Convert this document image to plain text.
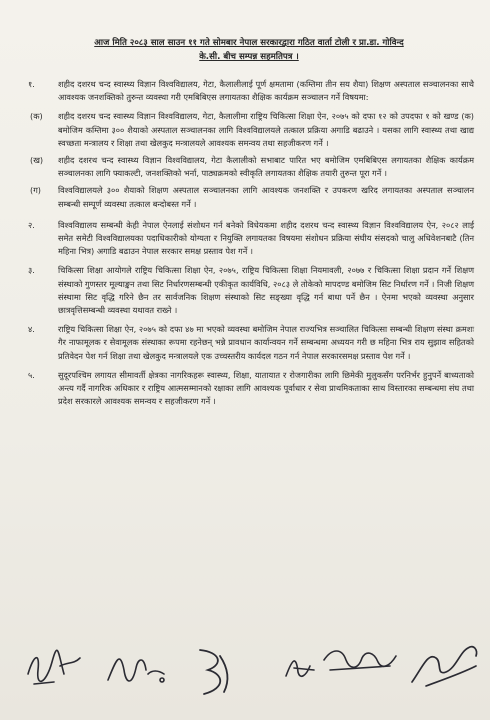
आज मिति २०८३ साल साउन ११ गते सोमबार नेपाल सरकारद्वारा गठित वार्ता टोली र प्रा.डा. गोविन्द
के.सी. बीच सम्पन्न सहमतिपत्र ।
१.	शहीद दशरथ चन्द स्वास्थ्य विज्ञान विश्वविद्यालय, गेटा, कैलालीलाई पूर्ण क्षमतामा (कम्तिमा तीन सय शैया) शिक्षण अस्पताल सञ्चालनका साथै आवश्यक जनशक्तिको तुरुन्त व्यवस्था गरी एमबिबिएस लगायतका शैक्षिक कार्यक्रम सञ्चालन गर्ने विषयमा:
(क)	शहीद दशरथ चन्द स्वास्थ्य विज्ञान विश्वविद्यालय, गेटा, कैलालीमा राष्ट्रिय चिकित्सा शिक्षा ऐन, २०७५ को दफा १२ को उपदफा १ को खण्ड (क) बमोजिम कम्तिमा ३०० शैयाको अस्पताल सञ्चालनका लागि विश्वविद्यालयले तत्काल प्रक्रिया अगाडि बढाउने । यसका लागि स्वास्थ्य तथा खाद्य स्वच्छता मन्त्रालय र शिक्षा तथा खेलकुद मन्त्रालयले आवश्यक समन्वय तथा सहजीकरण गर्ने ।
(ख)	शहीद दशरथ चन्द स्वास्थ्य विज्ञान विश्वविद्यालय, गेटा कैलालीको सभाबाट पारित भए बमोजिम एमबिबिएस लगायतका शैक्षिक कार्यक्रम सञ्चालनका लागि फ्याकल्टी, जनशक्तिको भर्ना, पाठ्यक्रमको स्वीकृति लगायतका शैक्षिक तयारी तुरुन्त पूरा गर्ने ।
(ग)	विश्वविद्यालयले ३०० शैयाको शिक्षण अस्पताल सञ्चालनका लागि आवश्यक जनशक्ति र उपकरण खरिद लगायतका अस्पताल सञ्चालन सम्बन्धी सम्पूर्ण व्यवस्था तत्काल बन्दोबस्त गर्ने ।
२.	विश्वविद्यालय सम्बन्धी केही नेपाल ऐनलाई संशोधन गर्न बनेको विधेयकमा शहीद दशरथ चन्द स्वास्थ्य विज्ञान विश्वविद्यालय ऐन, २०८२ लाई समेत समेटी विश्वविद्यालयका पदाधिकारीको योग्यता र नियुक्ति लगायतका विषयमा संशोधन प्रक्रिया संघीय संसदको चालु अधिवेशनबाटै (तिन महिना भित्र) अगाडि बढाउन नेपाल सरकार समक्ष प्रस्ताव पेश गर्ने ।
३.	चिकित्सा शिक्षा आयोगले राष्ट्रिय चिकित्सा शिक्षा ऐन, २०७५, राष्ट्रिय चिकित्सा शिक्षा नियमावली, २०७७ र चिकित्सा शिक्षा प्रदान गर्ने शिक्षण संस्थाको गुणस्तर मूल्याङ्कन तथा सिट निर्धारणसम्बन्धी एकीकृत कार्यविधि, २०८३ ले तोकेको मापदण्ड बमोजिम सिट निर्धारण गर्ने । निजी शिक्षण संस्थामा सिट वृद्धि गरिने छैन तर सार्वजनिक शिक्षण संस्थाको सिट सङ्ख्या वृद्धि गर्न बाधा पर्ने छैन । ऐनमा भएको व्यवस्था अनुसार छात्रवृत्तिसम्बन्धी व्यवस्था यथावत राख्ने ।
४.	राष्ट्रिय चिकित्सा शिक्षा ऐन, २०७५ को दफा ४७ मा भएको व्यवस्था बमोजिम नेपाल राज्यभित्र सञ्चालित चिकित्सा सम्बन्धी शिक्षण संस्था क्रमशः गैर नाफामूलक र सेवामूलक संस्थाका रूपमा रहनेछन् भन्ने प्रावधान कार्यान्वयन गर्ने सम्बन्धमा अध्ययन गरी छ महिना भित्र राय सुझाव सहितको प्रतिवेदन पेश गर्न शिक्षा तथा खेलकुद मन्त्रालयले एक उच्चस्तरीय कार्यदल गठन गर्न नेपाल सरकारसमक्ष प्रस्ताव पेश गर्ने ।
५.	सुदूरपश्चिम लगायत सीमावर्ती क्षेत्रका नागरिकहरू स्वास्थ्य, शिक्षा, यातायात र रोजगारीका लागि छिमेकी मुलुकसँग परनिर्भर हुनुपर्ने बाध्यताको अन्त्य गर्दै नागरिक अधिकार र राष्ट्रिय आत्मसम्मानको रक्षाका लागि आवश्यक पूर्वाधार र सेवा प्राथमिकताका साथ विस्तारका सम्बन्धमा संघ तथा प्रदेश सरकारले आवश्यक समन्वय र सहजीकरण गर्ने ।
